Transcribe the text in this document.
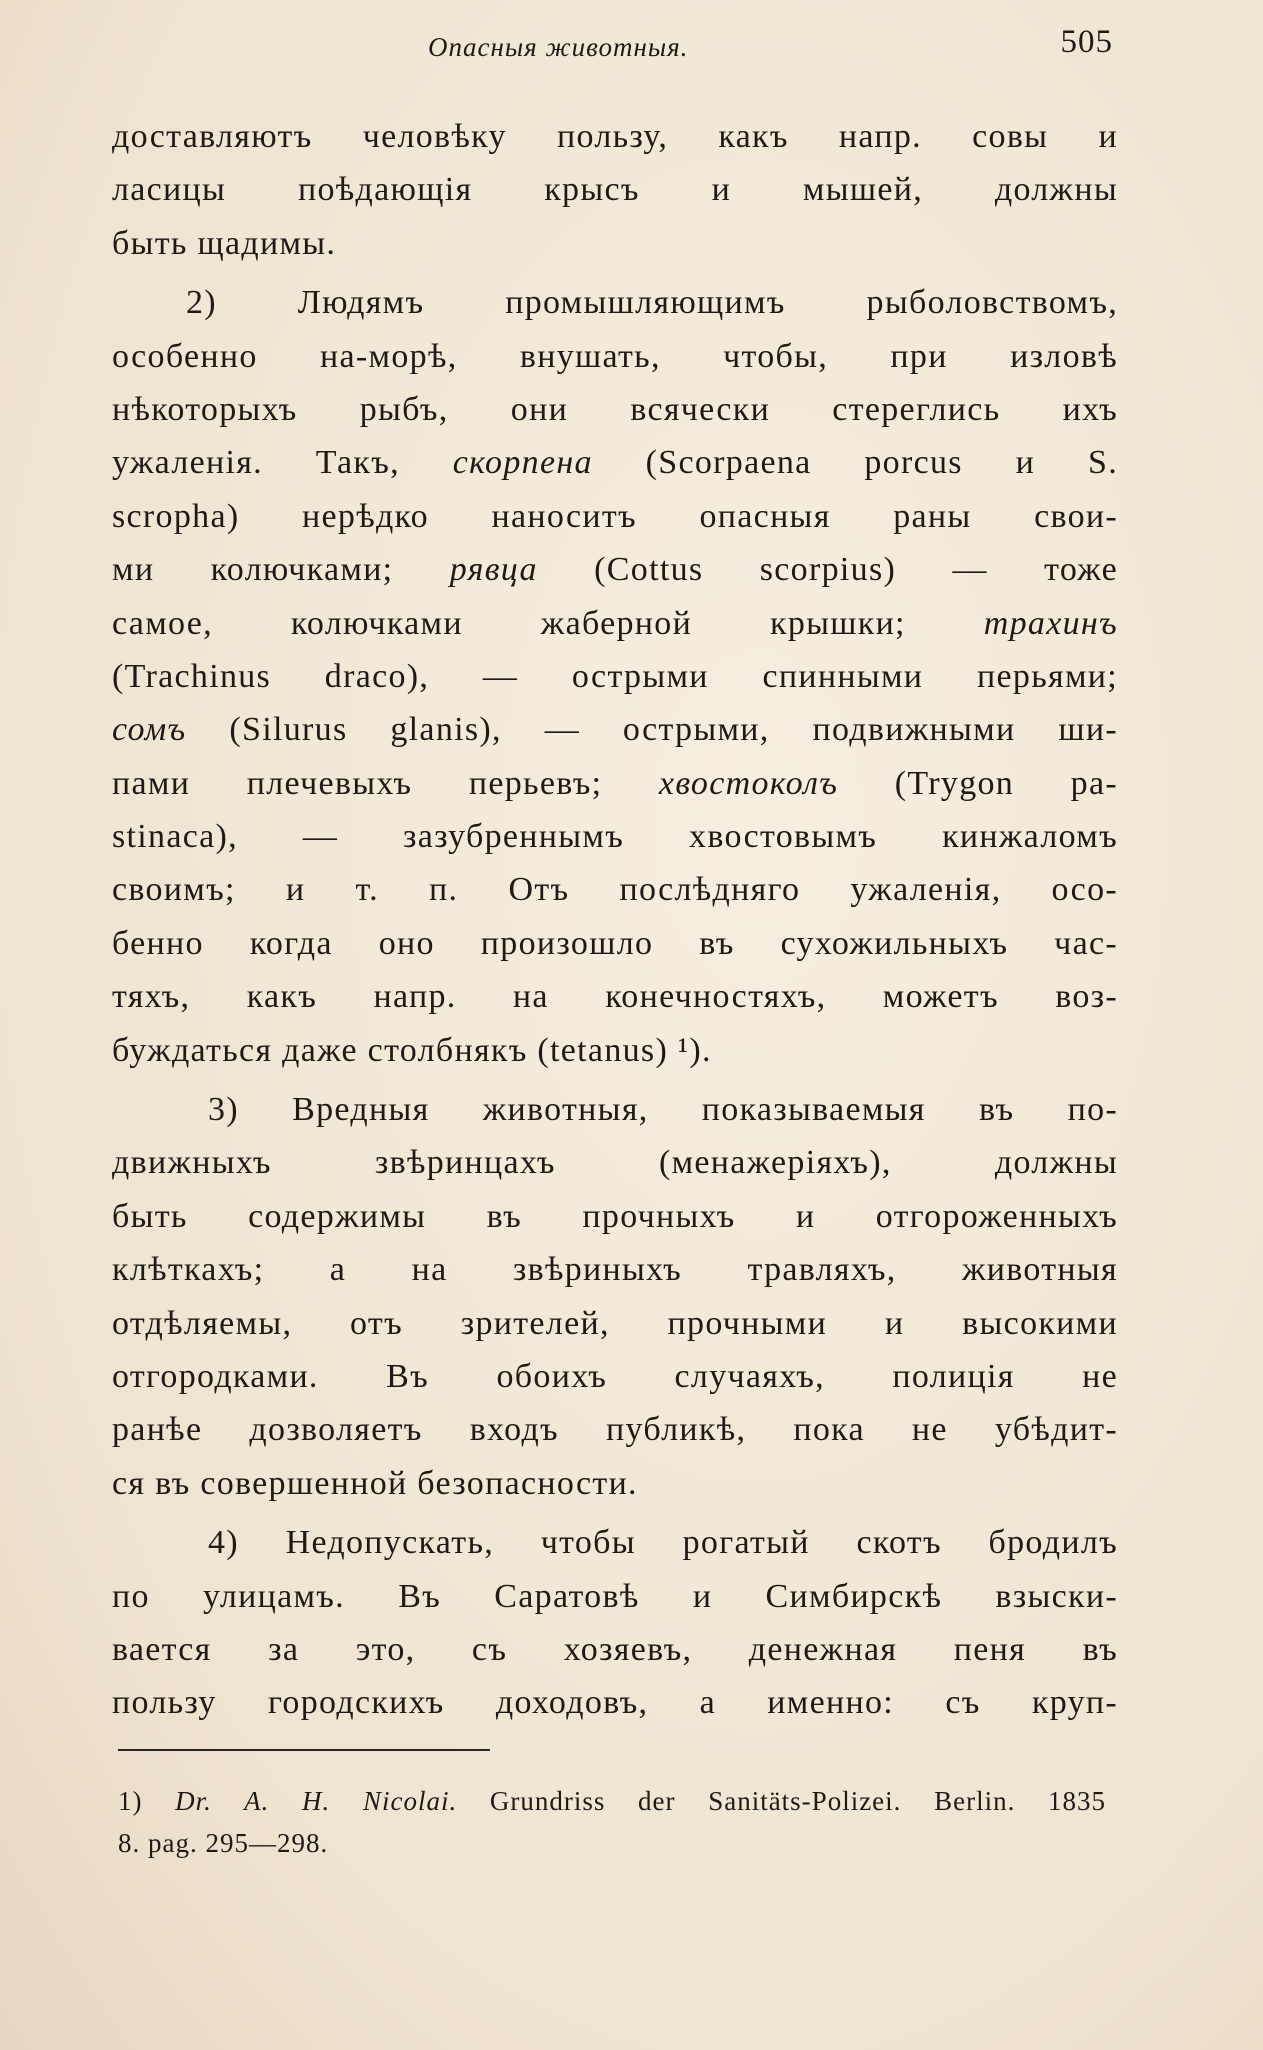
Опасныя животныя.	505
доставляютъ человѣку пользу, какъ напр. совы и
ласицы поѣдающія крысъ и мышей, должны
быть щадимы.
2) Людямъ промышляющимъ рыболовствомъ,
особенно на-морѣ, внушать, чтобы, при изловѣ
нѣкоторыхъ рыбъ, они всячески стереглись ихъ
ужаленія. Такъ, скорпена (Scorpaena porcus и S.
scropha) нерѣдко наноситъ опасныя раны свои-
ми колючками; рявца (Cottus scorpius) — тоже
самое, колючками жаберной крышки; трахинъ
(Trachinus draco), — острыми спинными перьями;
сомъ (Silurus glanis), — острыми, подвижными ши-
пами плечевыхъ перьевъ; хвостоколъ (Trygon pa-
stinaca), — зазубреннымъ хвостовымъ кинжаломъ
своимъ; и т. п. Отъ послѣдняго ужаленія, осо-
бенно когда оно произошло въ сухожильныхъ час-
тяхъ, какъ напр. на конечностяхъ, можетъ воз-
буждаться даже столбнякъ (tetanus) ¹).
3) Вредныя животныя, показываемыя въ по-
движныхъ звѣринцахъ (менажеріяхъ), должны
быть содержимы въ прочныхъ и отгороженныхъ
клѣткахъ; а на звѣриныхъ травляхъ, животныя
отдѣляемы, отъ зрителей, прочными и высокими
отгородками. Въ обоихъ случаяхъ, полиція не
ранѣе дозволяетъ входъ публикѣ, пока не убѣдит-
ся въ совершенной безопасности.
4) Недопускать, чтобы рогатый скотъ бродилъ
по улицамъ. Въ Саратовѣ и Симбирскѣ взыски-
вается за это, съ хозяевъ, денежная пеня въ
пользу городскихъ доходовъ, а именно: съ круп-
1) Dr. A. H. Nicolai. Grundriss der Sanitäts-Polizei. Berlin. 1835
8. pag. 295—298.
